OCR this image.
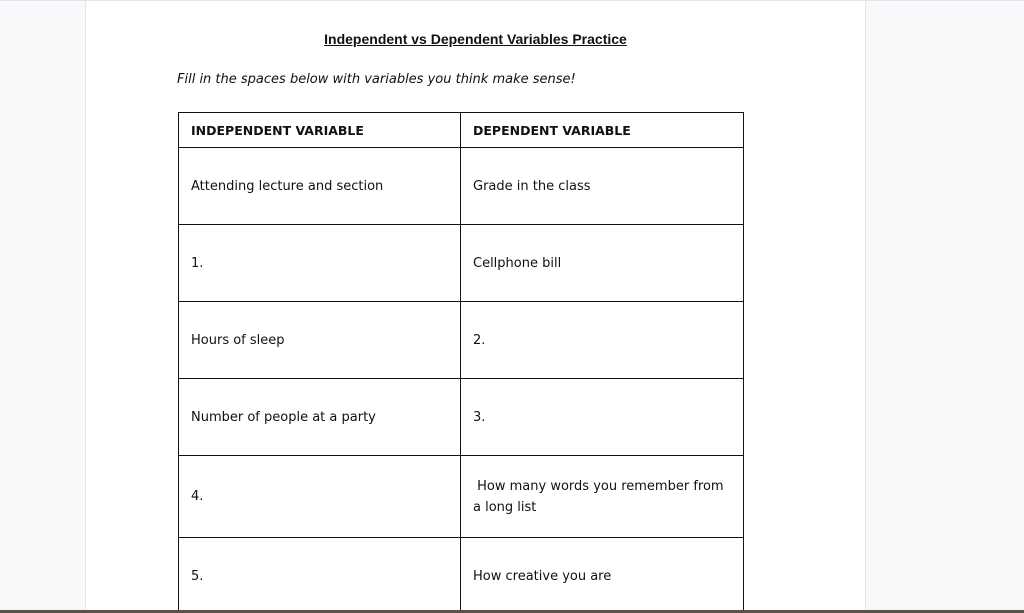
Independent vs Dependent Variables Practice
Fill in the spaces below with variables you think make sense!
INDEPENDENT VARIABLE	DEPENDENT VARIABLE
Attending lecture and section	Grade in the class
1.	Cellphone bill
Hours of sleep	2.
Number of people at a party	3.
4.	How many words you remember from a long list
5.	How creative you are
